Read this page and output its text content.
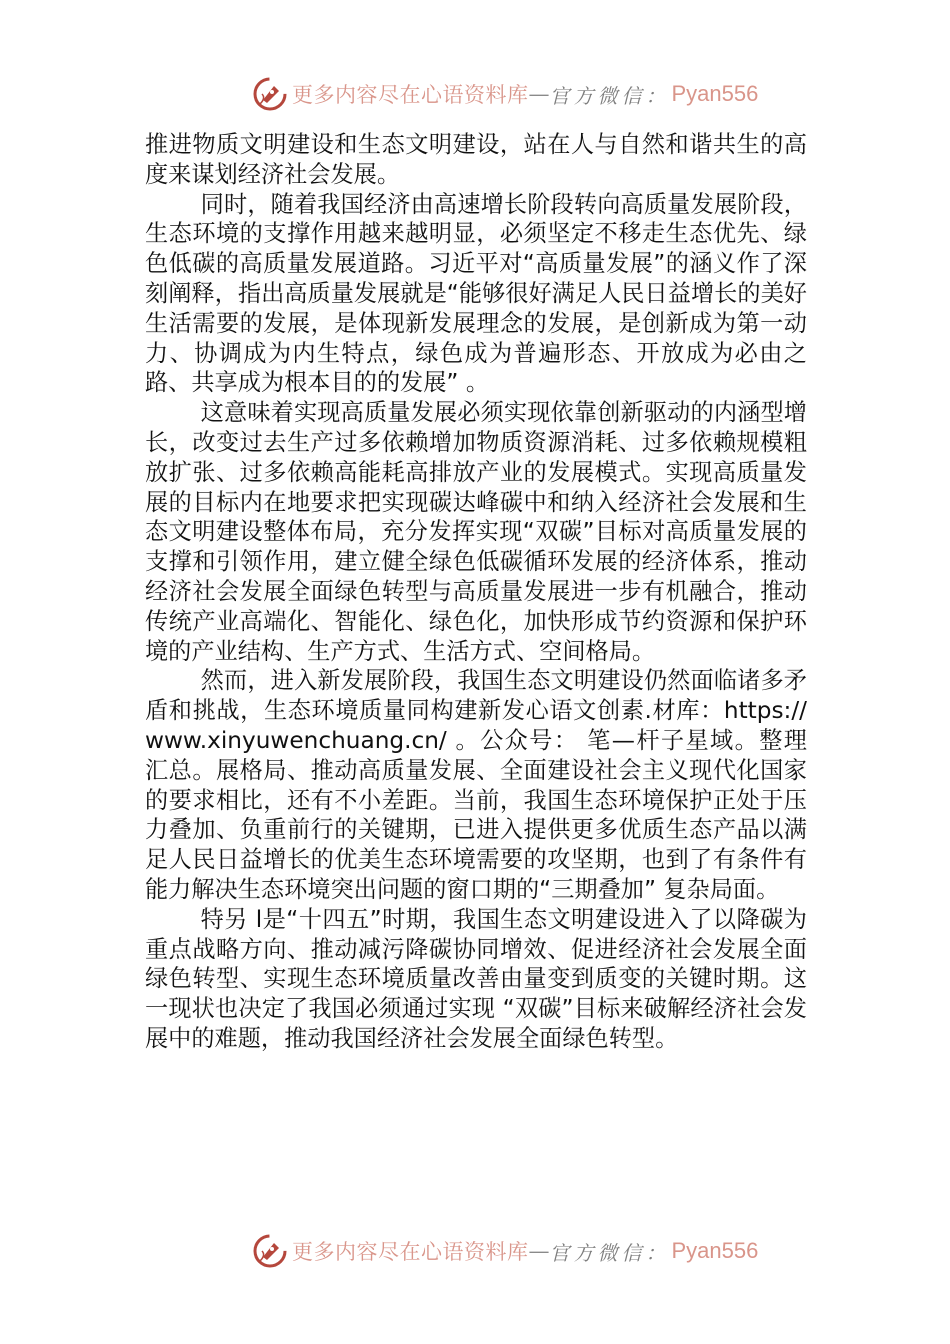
更多内容尽在心语资料库 — 官方微信： Pyan556

推进物质文明建设和生态文明建设，站在人与自然和谐共生的高度来谋划经济社会发展。

同时，随着我国经济由高速增长阶段转向高质量发展阶段，生态环境的支撑作用越来越明显，必须坚定不移走生态优先、绿色低碳的高质量发展道路。习近平对“高质量发展”的涵义作了深刻阐释，指出高质量发展就是“能够很好满足人民日益增长的美好生活需要的发展，是体现新发展理念的发展，是创新成为第一动力、协调成为内生特点，绿色成为普遍形态、开放成为必由之路、共享成为根本目的的发展” 。

这意味着实现高质量发展必须实现依靠创新驱动的内涵型增长，改变过去生产过多依赖增加物质资源消耗、过多依赖规模粗放扩张、过多依赖高能耗高排放产业的发展模式。实现高质量发展的目标内在地要求把实现碳达峰碳中和纳入经济社会发展和生态文明建设整体布局，充分发挥实现“双碳”目标对高质量发展的支撑和引领作用，建立健全绿色低碳循环发展的经济体系，推动经济社会发展全面绿色转型与高质量发展进一步有机融合，推动传统产业高端化、智能化、绿色化，加快形成节约资源和保护环境的产业结构、生产方式、生活方式、空间格局。

然而，进入新发展阶段，我国生态文明建设仍然面临诸多矛盾和挑战，生态环境质量同构建新发心语文创素.材库：https://www.xinyuwenchuang.cn/ 。公众号： 笔—杆子星域。整理汇总。展格局、推动高质量发展、全面建设社会主义现代化国家的要求相比，还有不小差距。当前，我国生态环境保护正处于压力叠加、负重前行的关键期，已进入提供更多优质生态产品以满足人民日益增长的优美生态环境需要的攻坚期，也到了有条件有能力解决生态环境突出问题的窗口期的“三期叠加” 复杂局面。

特另 l是“十四五”时期，我国生态文明建设进入了以降碳为重点战略方向、推动减污降碳协同增效、促进经济社会发展全面绿色转型、实现生态环境质量改善由量变到质变的关键时期。这一现状也决定了我国必须通过实现 “双碳”目标来破解经济社会发展中的难题，推动我国经济社会发展全面绿色转型。

更多内容尽在心语资料库 — 官方微信： Pyan556
